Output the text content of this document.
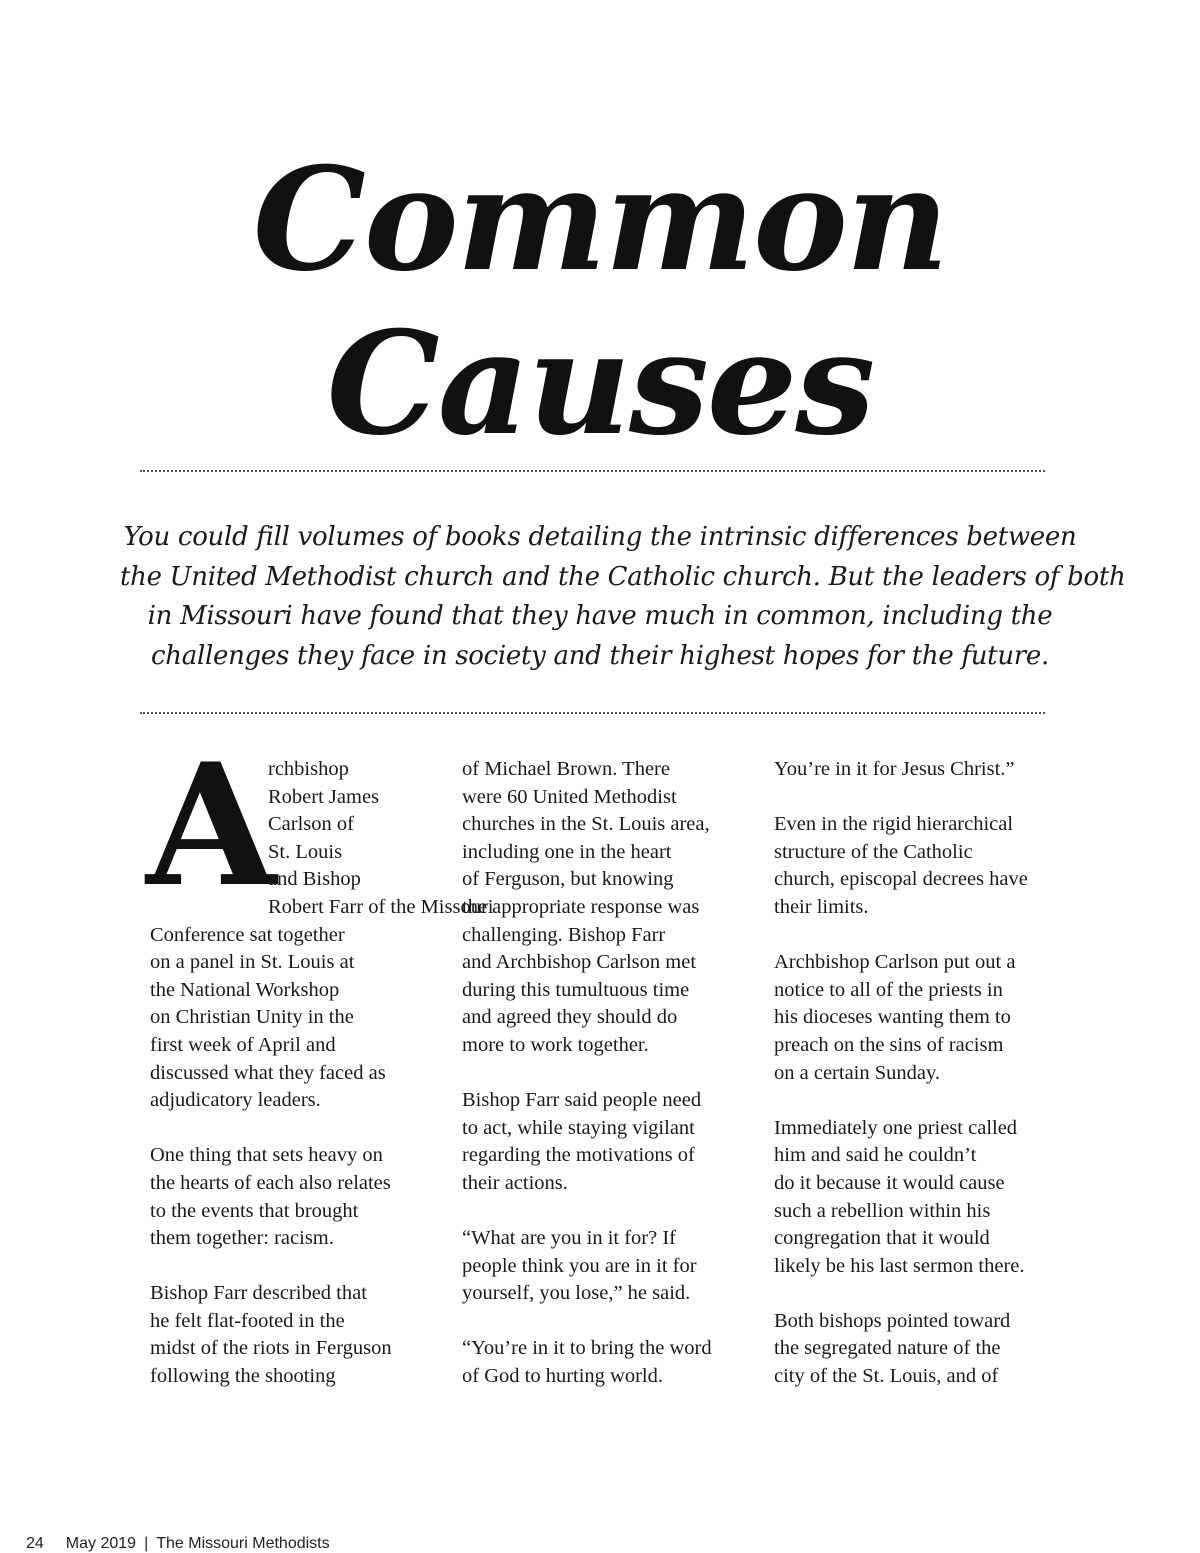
Common
Causes

You could fill volumes of books detailing the intrinsic differences between
the United Methodist church and the Catholic church. But the leaders of both
in Missouri have found that they have much in common, including the
challenges they face in society and their highest hopes for the future.

A

rchbishop
Robert James
Carlson of
St. Louis
and Bishop
Robert Farr of the Missouri
Conference sat together
on a panel in St. Louis at
the National Workshop
on Christian Unity in the
first week of April and
discussed what they faced as
adjudicatory leaders.

One thing that sets heavy on
the hearts of each also relates
to the events that brought
them together: racism.

Bishop Farr described that
he felt flat-footed in the
midst of the riots in Ferguson
following the shooting

of Michael Brown. There
were 60 United Methodist
churches in the St. Louis area,
including one in the heart
of Ferguson, but knowing
the appropriate response was
challenging. Bishop Farr
and Archbishop Carlson met
during this tumultuous time
and agreed they should do
more to work together.

Bishop Farr said people need
to act, while staying vigilant
regarding the motivations of
their actions.

“What are you in it for? If
people think you are in it for
yourself, you lose,” he said.

“You’re in it to bring the word
of God to hurting world.

You’re in it for Jesus Christ.”

Even in the rigid hierarchical
structure of the Catholic
church, episcopal decrees have
their limits.

Archbishop Carlson put out a
notice to all of the priests in
his dioceses wanting them to
preach on the sins of racism
on a certain Sunday.

Immediately one priest called
him and said he couldn’t
do it because it would cause
such a rebellion within his
congregation that it would
likely be his last sermon there.

Both bishops pointed toward
the segregated nature of the
city of the St. Louis, and of

24 May 2019 | The Missouri Methodists
